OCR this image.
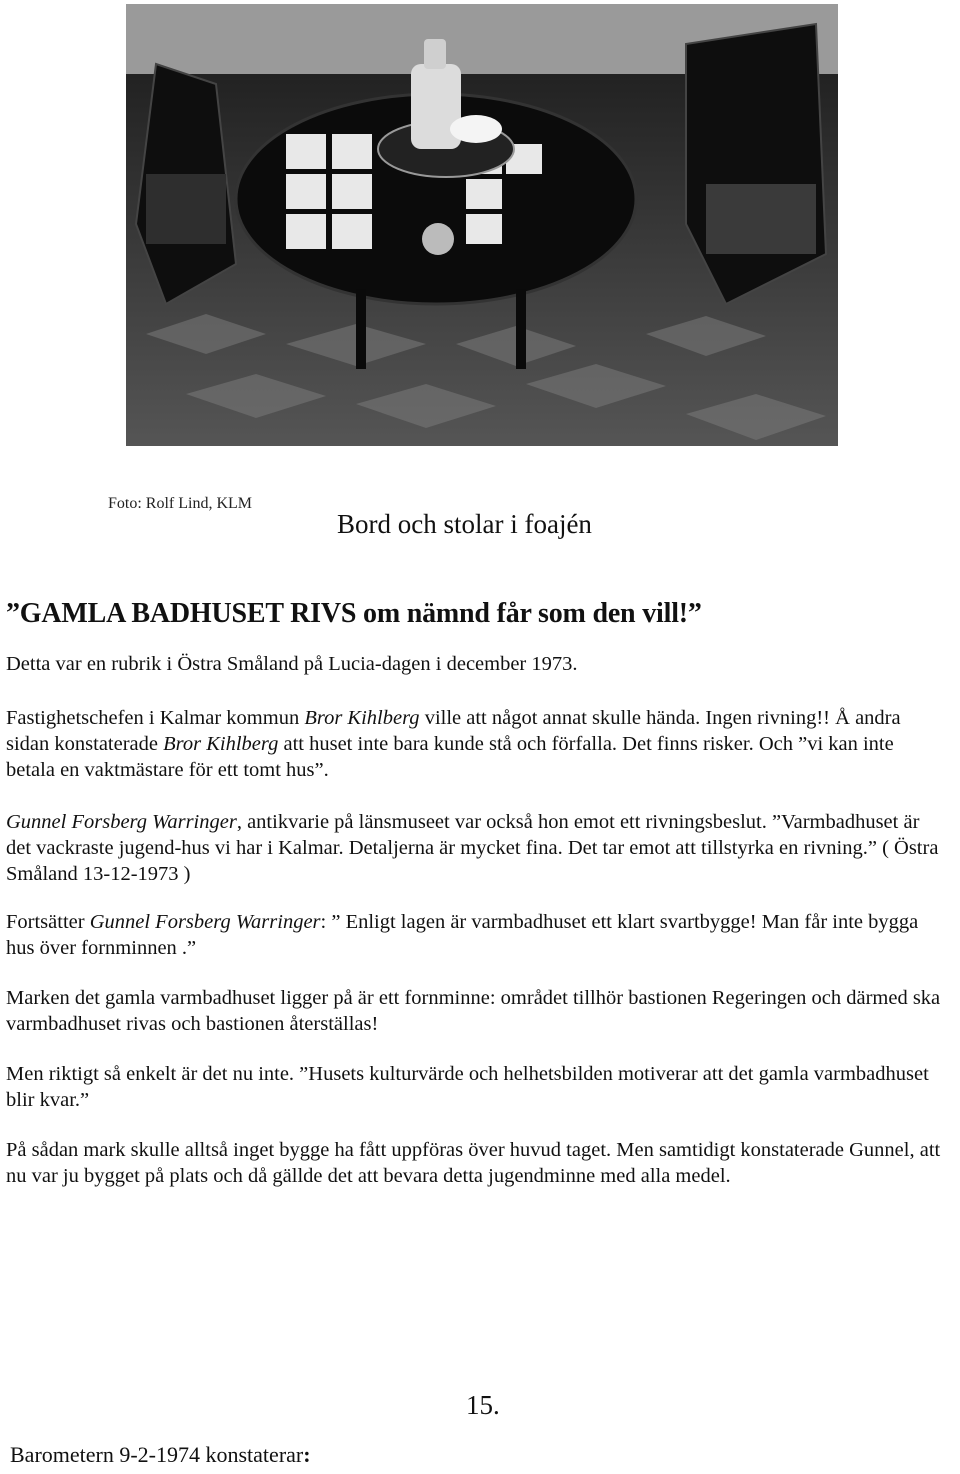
Foto: Rolf Lind, KLM
Bord och stolar i foajén
”GAMLA BADHUSET RIVS om nämnd får som den vill!”

Detta var en rubrik i Östra Småland på Lucia-dagen i december 1973.

Fastighetschefen i Kalmar kommun Bror Kihlberg ville att något annat skulle hända. Ingen rivning!! Å andra sidan konstaterade Bror Kihlberg att huset inte bara kunde stå och förfalla. Det finns risker. Och ”vi kan inte betala en vaktmästare för ett tomt hus”.

Gunnel Forsberg Warringer, antikvarie på länsmuseet var också hon emot ett rivningsbeslut. ”Varmbadhuset är det vackraste jugend-hus vi har i Kalmar. Detaljerna är mycket fina. Det tar emot att tillstyrka en rivning.” ( Östra Småland 13-12-1973 )

Fortsätter Gunnel Forsberg Warringer: ” Enligt lagen är varmbadhuset ett klart svartbygge! Man får inte bygga hus över fornminnen .”

Marken det gamla varmbadhuset ligger på är ett fornminne: området tillhör bastionen Regeringen och därmed ska varmbadhuset rivas och bastionen återställas!

Men riktigt så enkelt är det nu inte. ”Husets kulturvärde och helhetsbilden motiverar att det gamla varmbadhuset blir kvar.”

På sådan mark skulle alltså inget bygge ha fått uppföras över huvud taget. Men samtidigt konstaterade Gunnel, att nu var ju bygget på plats och då gällde det att bevara detta jugendminne med alla medel.

15.
Barometern 9-2-1974 konstaterar:
